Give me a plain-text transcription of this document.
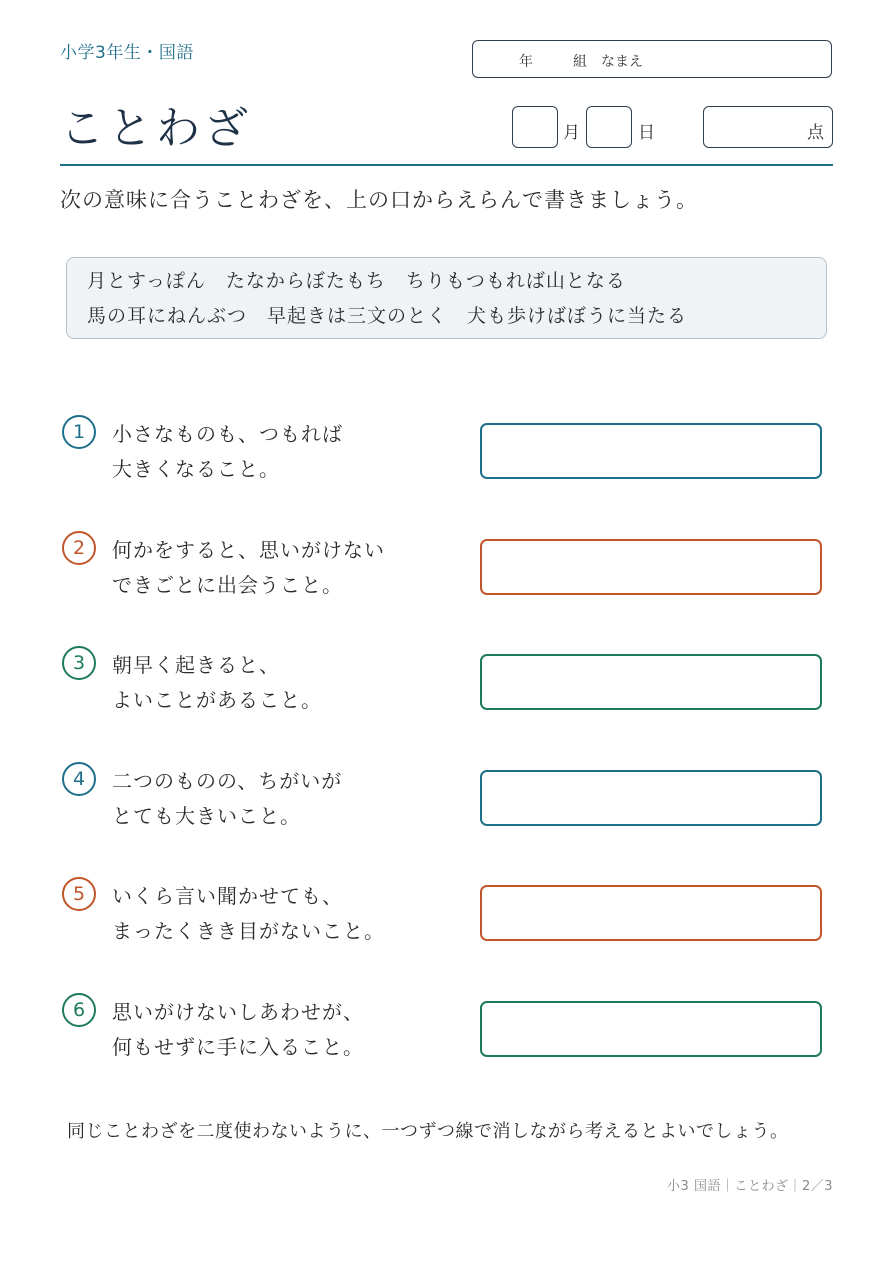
小学3年生・国語	年	組 なまえ
ことわざ	月	日	点
次の意味に合うことわざを、上の口からえらんで書きましょう。
月とすっぽん　たなからぼたもち　ちりもつもれば山となる
馬の耳にねんぶつ　早起きは三文のとく　犬も歩けばぼうに当たる
1	小さなものも、つもれば
大きくなること。
2	何かをすると、思いがけない
できごとに出会うこと。
3	朝早く起きると、
よいことがあること。
4	二つのものの、ちがいが
とても大きいこと。
5	いくら言い聞かせても、
まったくきき目がないこと。
6	思いがけないしあわせが、
何もせずに手に入ること。
同じことわざを二度使わないように、一つずつ線で消しながら考えるとよいでしょう。
小3 国語｜ことわざ｜2／3
